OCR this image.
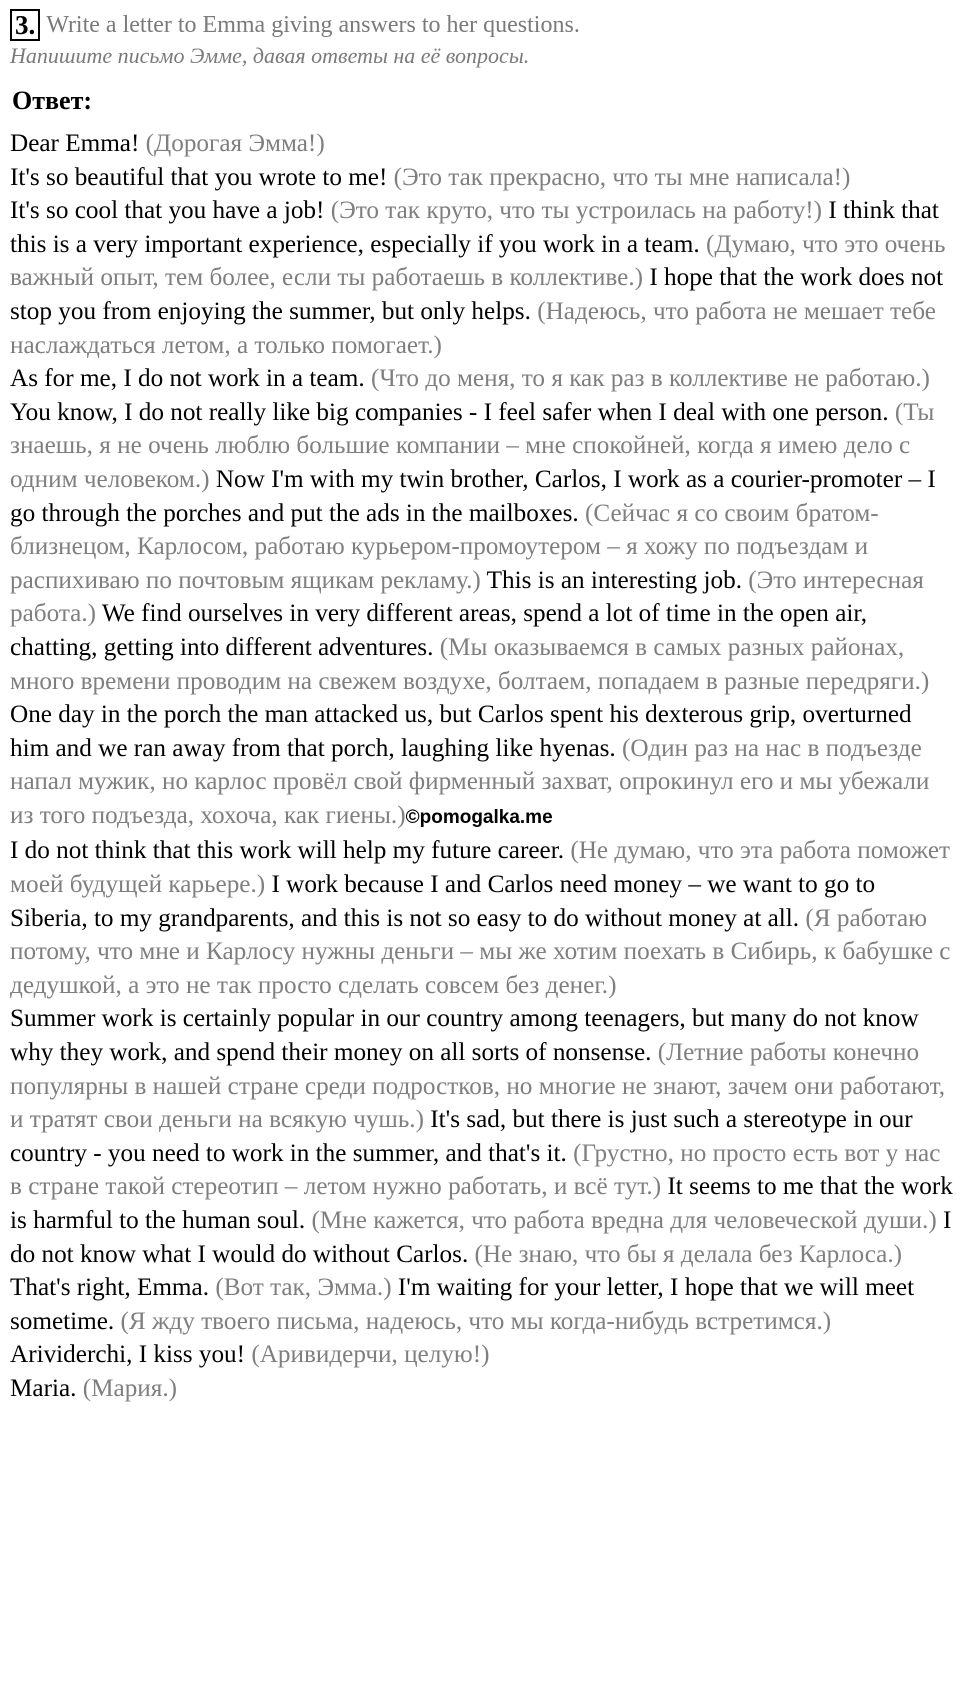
3. Write a letter to Emma giving answers to her questions.
Напишите письмо Эмме, давая ответы на её вопросы.
Ответ:

Dear Emma! (Дорогая Эмма!)

It's so beautiful that you wrote to me! (Это так прекрасно, что ты мне написала!)

It's so cool that you have a job! (Это так круто, что ты устроилась на работу!) I think that this is a very important experience, especially if you work in a team. (Думаю, что это очень важный опыт, тем более, если ты работаешь в коллективе.) I hope that the work does not stop you from enjoying the summer, but only helps. (Надеюсь, что работа не мешает тебе наслаждаться летом, а только помогает.)

As for me, I do not work in a team. (Что до меня, то я как раз в коллективе не работаю.) You know, I do not really like big companies - I feel safer when I deal with one person. (Ты знаешь, я не очень люблю большие компании – мне спокойней, когда я имею дело с одним человеком.) Now I'm with my twin brother, Carlos, I work as a courier-promoter – I go through the porches and put the ads in the mailboxes. (Сейчас я со своим братом-близнецом, Карлосом, работаю курьером-промоутером – я хожу по подъездам и распихиваю по почтовым ящикам рекламу.) This is an interesting job. (Это интересная работа.) We find ourselves in very different areas, spend a lot of time in the open air, chatting, getting into different adventures. (Мы оказываемся в самых разных районах, много времени проводим на свежем воздухе, болтаем, попадаем в разные передряги.) One day in the porch the man attacked us, but Carlos spent his dexterous grip, overturned him and we ran away from that porch, laughing like hyenas. (Один раз на нас в подъезде напал мужик, но карлос провёл свой фирменный захват, опрокинул его и мы убежали из того подъезда, хохоча, как гиены.)©pomogalka.me

I do not think that this work will help my future career. (Не думаю, что эта работа поможет моей будущей карьере.) I work because I and Carlos need money – we want to go to Siberia, to my grandparents, and this is not so easy to do without money at all. (Я работаю потому, что мне и Карлосу нужны деньги – мы же хотим поехать в Сибирь, к бабушке с дедушкой, а это не так просто сделать совсем без денег.)

Summer work is certainly popular in our country among teenagers, but many do not know why they work, and spend their money on all sorts of nonsense. (Летние работы конечно популярны в нашей стране среди подростков, но многие не знают, зачем они работают, и тратят свои деньги на всякую чушь.) It's sad, but there is just such a stereotype in our country - you need to work in the summer, and that's it. (Грустно, но просто есть вот у нас в стране такой стереотип – летом нужно работать, и всё тут.) It seems to me that the work is harmful to the human soul. (Мне кажется, что работа вредна для человеческой души.) I do not know what I would do without Carlos. (Не знаю, что бы я делала без Карлоса.)

That's right, Emma. (Вот так, Эмма.) I'm waiting for your letter, I hope that we will meet sometime. (Я жду твоего письма, надеюсь, что мы когда-нибудь встретимся.)

Arividerchi, I kiss you! (Аривидерчи, целую!)

Maria. (Мария.)
